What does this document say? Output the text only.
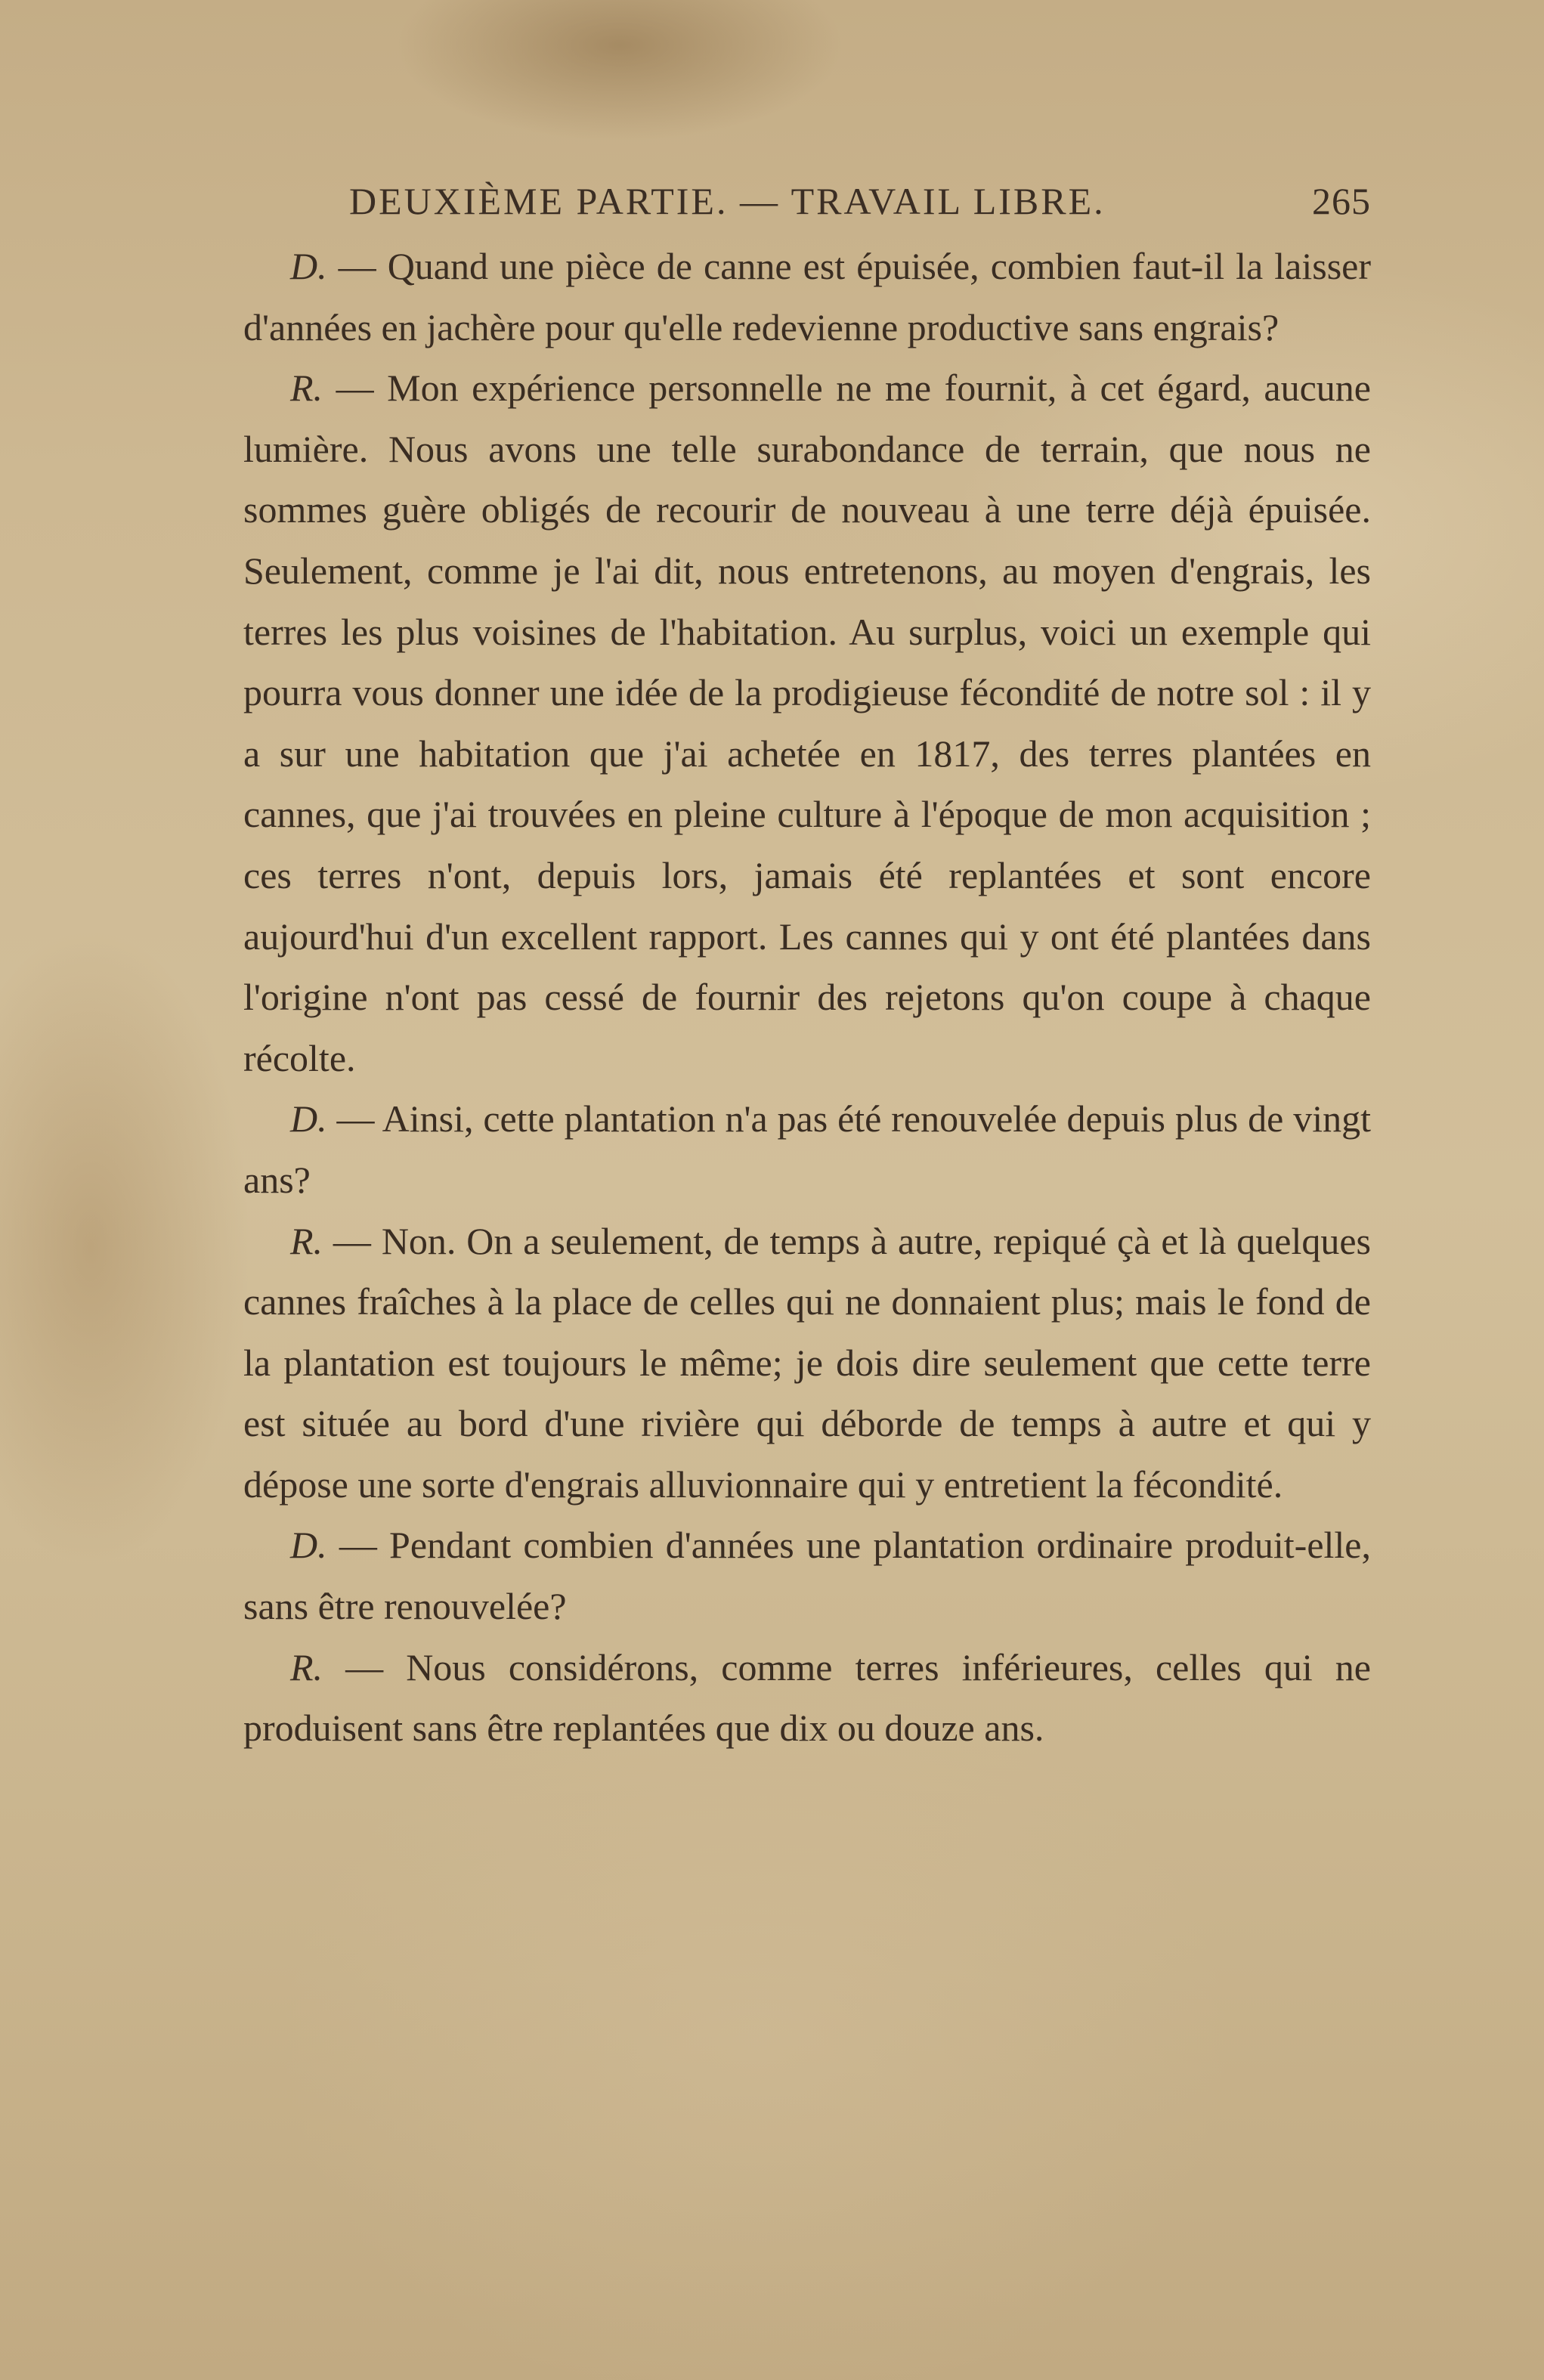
DEUXIÈME PARTIE. — TRAVAIL LIBRE.	265

D. — Quand une pièce de canne est épuisée, combien faut-il la laisser d'années en jachère pour qu'elle redevienne productive sans engrais?

R. — Mon expérience personnelle ne me fournit, à cet égard, aucune lumière. Nous avons une telle surabondance de terrain, que nous ne sommes guère obligés de recourir de nouveau à une terre déjà épuisée. Seulement, comme je l'ai dit, nous entretenons, au moyen d'engrais, les terres les plus voisines de l'habitation. Au surplus, voici un exemple qui pourra vous donner une idée de la prodigieuse fécondité de notre sol : il y a sur une habitation que j'ai achetée en 1817, des terres plantées en cannes, que j'ai trouvées en pleine culture à l'époque de mon acquisition ; ces terres n'ont, depuis lors, jamais été replantées et sont encore aujourd'hui d'un excellent rapport. Les cannes qui y ont été plantées dans l'origine n'ont pas cessé de fournir des rejetons qu'on coupe à chaque récolte.

D. — Ainsi, cette plantation n'a pas été renouvelée depuis plus de vingt ans?

R. — Non. On a seulement, de temps à autre, repiqué çà et là quelques cannes fraîches à la place de celles qui ne donnaient plus; mais le fond de la plantation est toujours le même; je dois dire seulement que cette terre est située au bord d'une rivière qui déborde de temps à autre et qui y dépose une sorte d'engrais alluvionnaire qui y entretient la fécondité.

D. — Pendant combien d'années une plantation ordinaire produit-elle, sans être renouvelée?

R. — Nous considérons, comme terres inférieures, celles qui ne produisent sans être replantées que dix ou douze ans.
